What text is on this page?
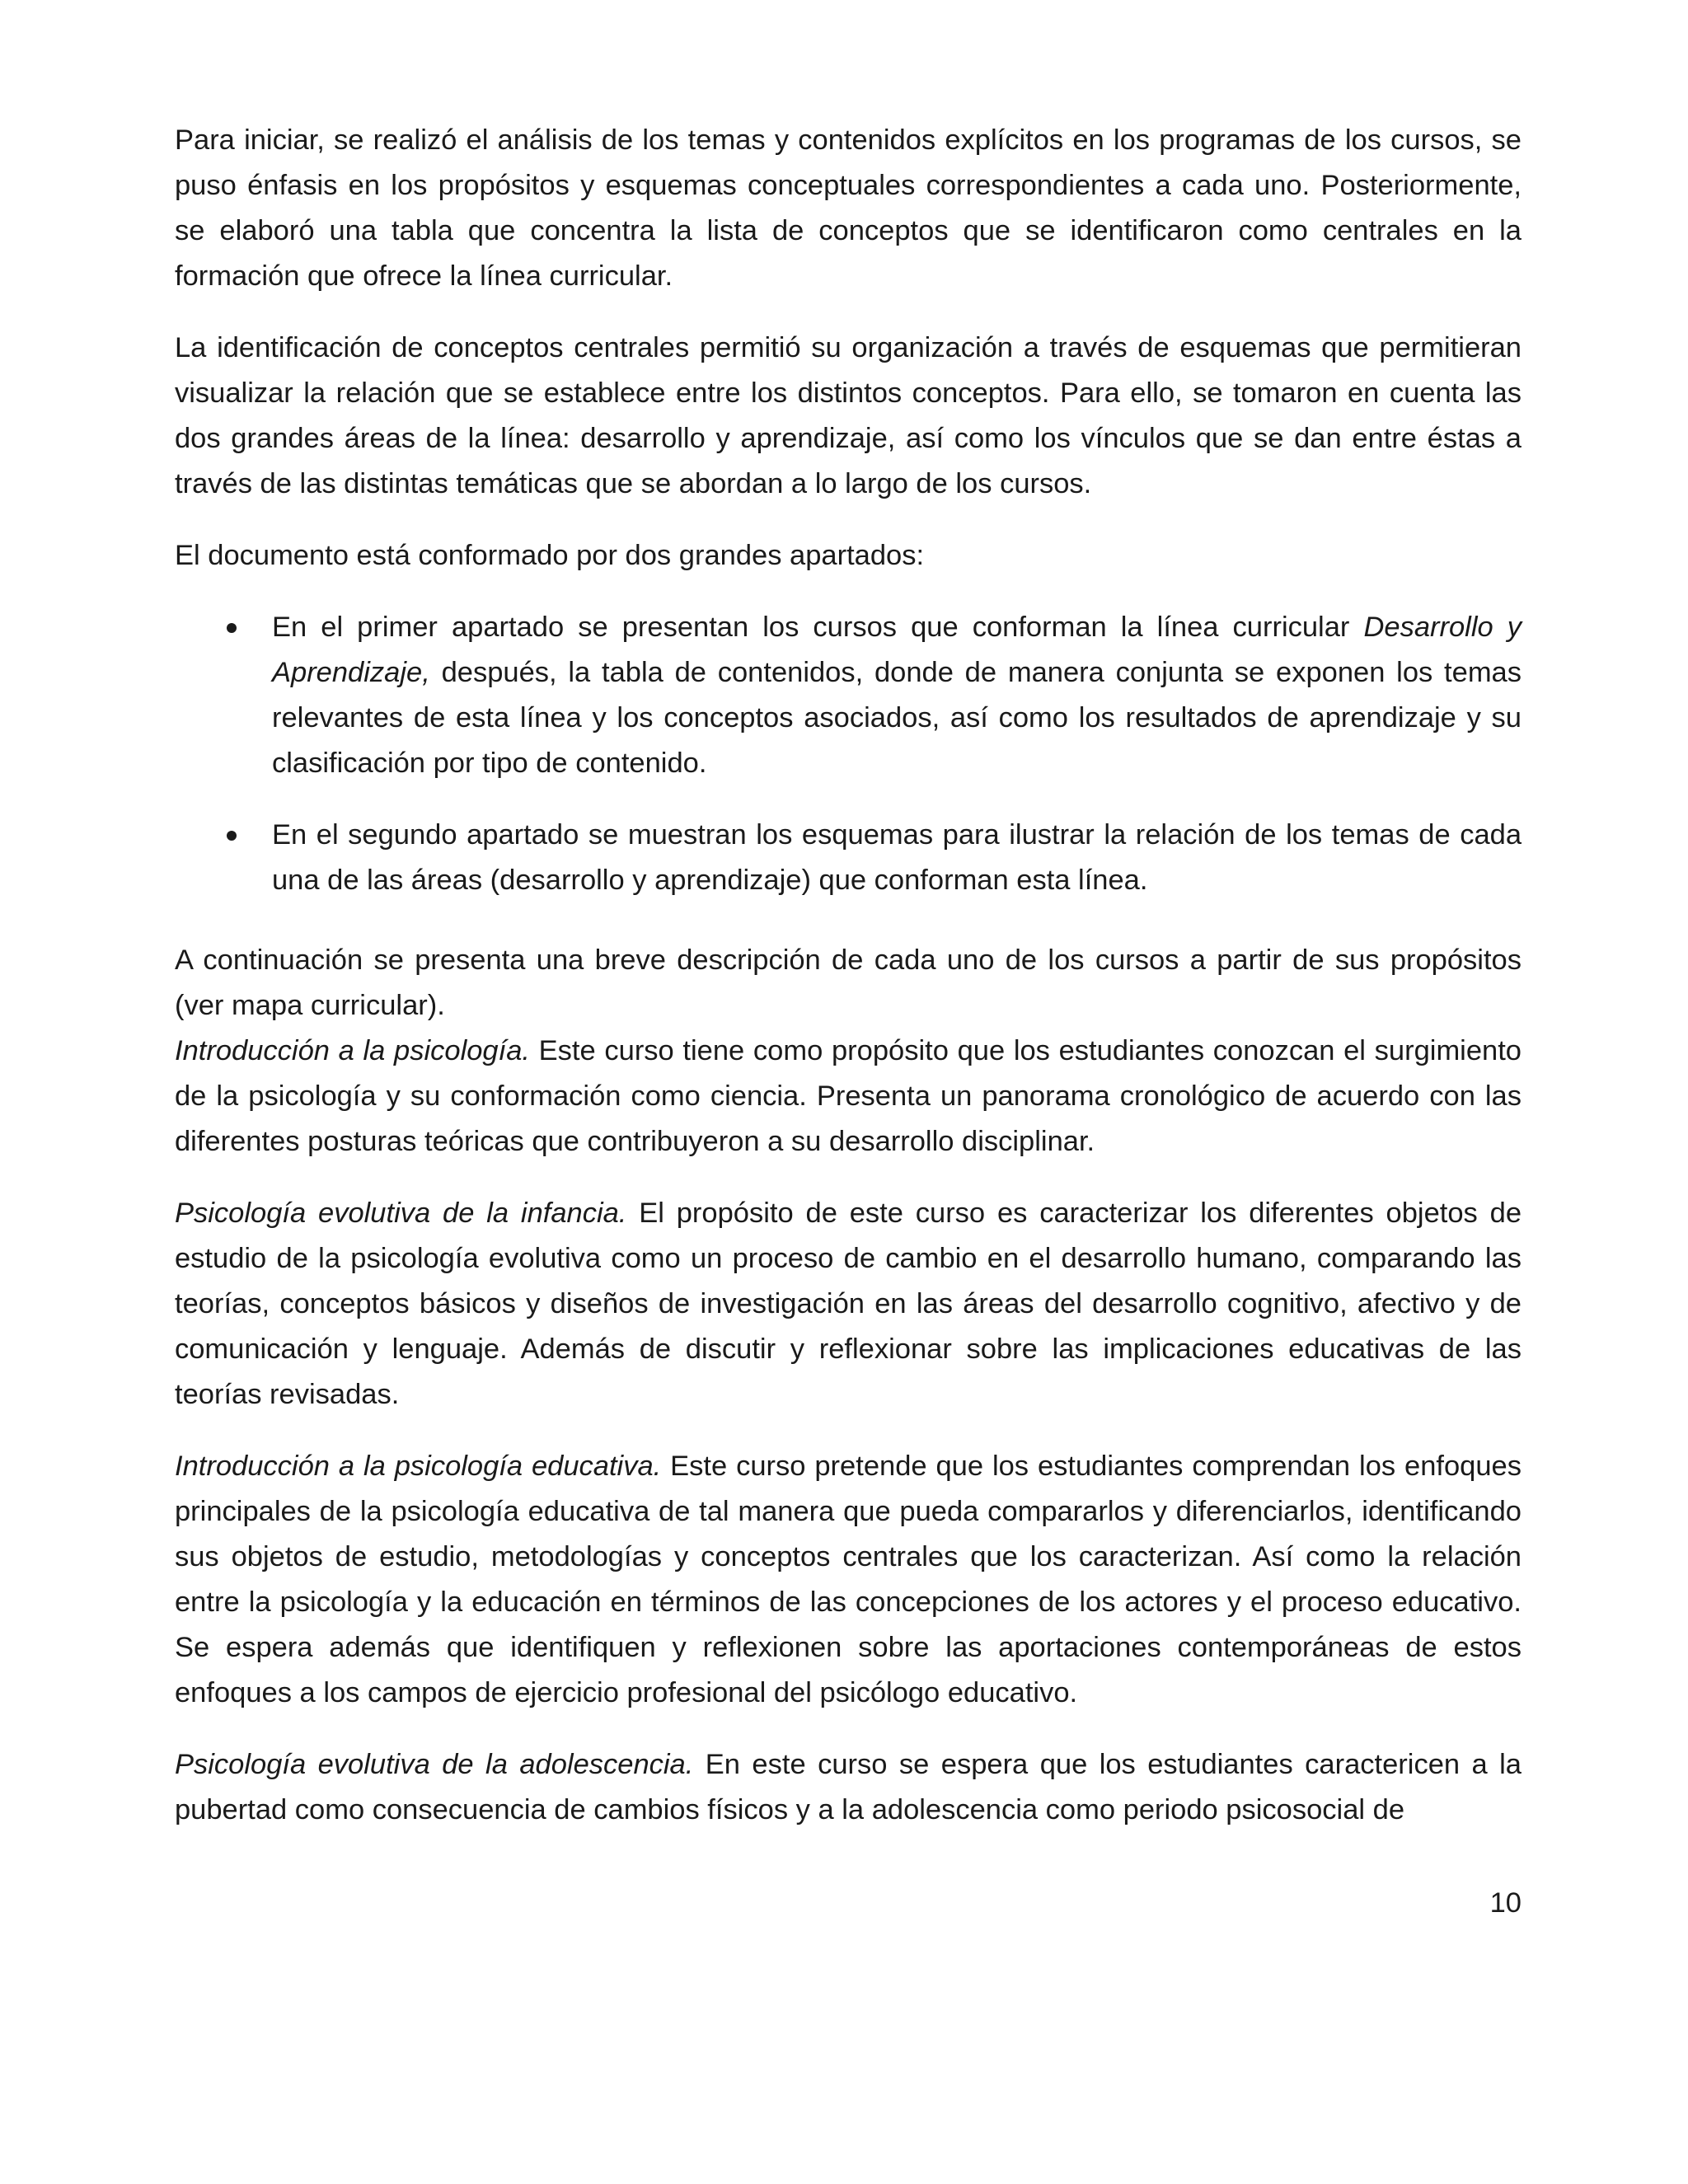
Para iniciar, se realizó el análisis de los temas y contenidos explícitos en los programas de los cursos, se puso énfasis en los propósitos y esquemas conceptuales correspondientes a cada uno. Posteriormente, se elaboró una tabla que concentra la lista de conceptos que se identificaron como centrales en la formación que ofrece la línea curricular.

La identificación de conceptos centrales permitió su organización a través de esquemas que permitieran visualizar la relación que se establece entre los distintos conceptos. Para ello, se tomaron en cuenta las dos grandes áreas de la línea: desarrollo y aprendizaje, así como los vínculos que se dan entre éstas a través de las distintas temáticas que se abordan a lo largo de los cursos.

El documento está conformado por dos grandes apartados:

En el primer apartado se presentan los cursos que conforman la línea curricular Desarrollo y Aprendizaje, después, la tabla de contenidos, donde de manera conjunta se exponen los temas relevantes de esta línea y los conceptos asociados, así como los resultados de aprendizaje y su clasificación por tipo de contenido.

En el segundo apartado se muestran los esquemas para ilustrar la relación de los temas de cada una de las áreas (desarrollo y aprendizaje) que conforman esta línea.

A continuación se presenta una breve descripción de cada uno de los cursos a partir de sus propósitos (ver mapa curricular).

Introducción a la psicología. Este curso tiene como propósito que los estudiantes conozcan el surgimiento de la psicología y su conformación como ciencia. Presenta un panorama cronológico de acuerdo con las diferentes posturas teóricas que contribuyeron a su desarrollo disciplinar.

Psicología evolutiva de la infancia. El propósito de este curso es caracterizar los diferentes objetos de estudio de la psicología evolutiva como un proceso de cambio en el desarrollo humano, comparando las teorías, conceptos básicos y diseños de investigación en las áreas del desarrollo cognitivo, afectivo y de comunicación y lenguaje. Además de discutir y reflexionar sobre las implicaciones educativas de las teorías revisadas.

Introducción a la psicología educativa. Este curso pretende que los estudiantes comprendan los enfoques principales de la psicología educativa de tal manera que pueda compararlos y diferenciarlos, identificando sus objetos de estudio, metodologías y conceptos centrales que los caracterizan. Así como la relación entre la psicología y la educación en términos de las concepciones de los actores y el proceso educativo. Se espera además que identifiquen y reflexionen sobre las aportaciones contemporáneas de estos enfoques a los campos de ejercicio profesional del psicólogo educativo.

Psicología evolutiva de la adolescencia. En este curso se espera que los estudiantes caractericen a la pubertad como consecuencia de cambios físicos y a la adolescencia como periodo psicosocial de

10
